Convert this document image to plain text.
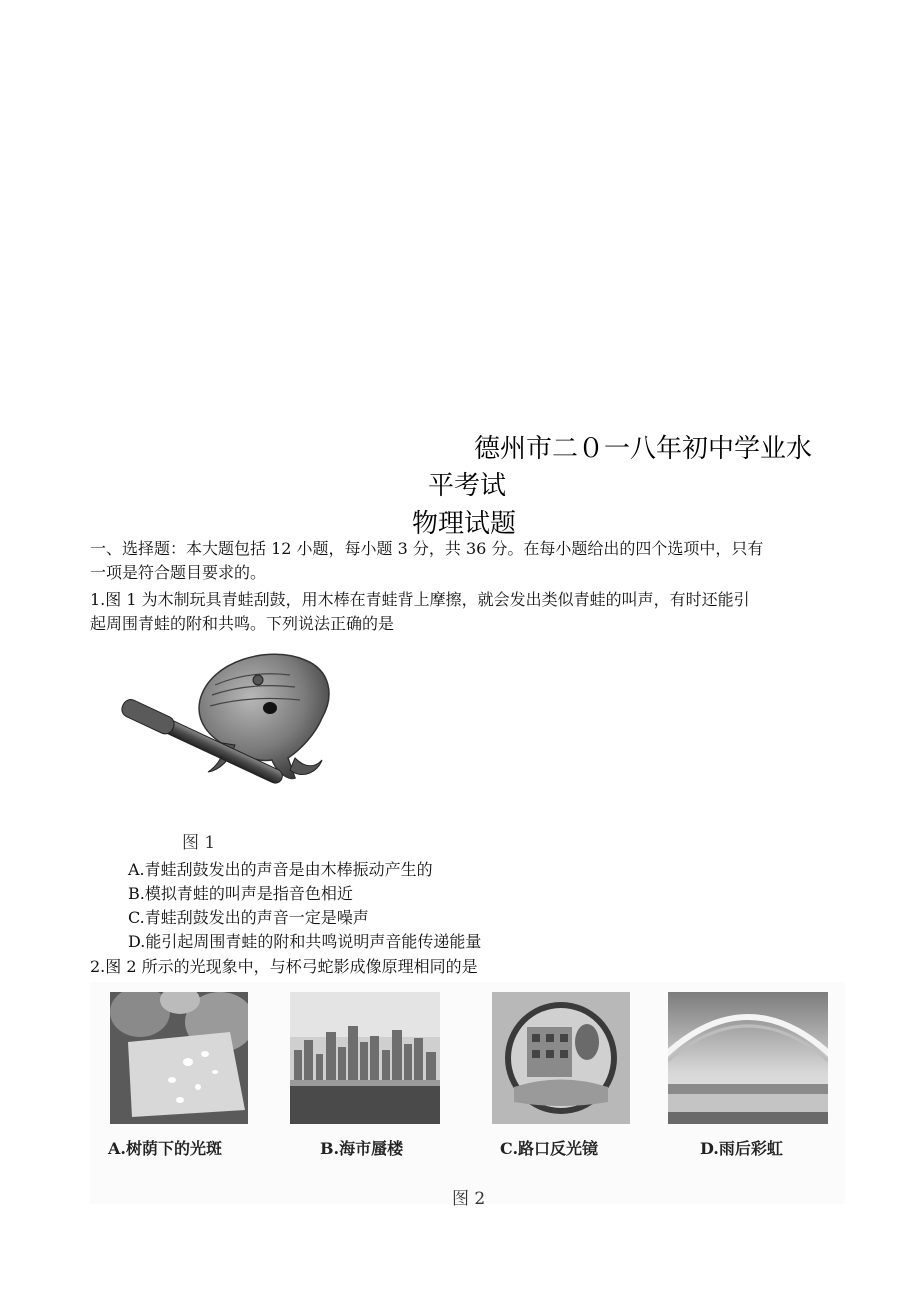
德州市二０一八年初中学业水
平考试
物理试题
一、选择题：本大题包括 12 小题，每小题 3 分，共 36 分。在每小题给出的四个选项中，只有
一项是符合题目要求的。
1.图 1 为木制玩具青蛙刮鼓，用木棒在青蛙背上摩擦，就会发出类似青蛙的叫声，有时还能引
起周围青蛙的附和共鸣。下列说法正确的是
图 1
A.青蛙刮鼓发出的声音是由木棒振动产生的
B.模拟青蛙的叫声是指音色相近
C.青蛙刮鼓发出的声音一定是噪声
D.能引起周围青蛙的附和共鸣说明声音能传递能量
2.图 2 所示的光现象中，与杯弓蛇影成像原理相同的是
A.树荫下的光斑	B.海市蜃楼	C.路口反光镜	D.雨后彩虹
图 2
